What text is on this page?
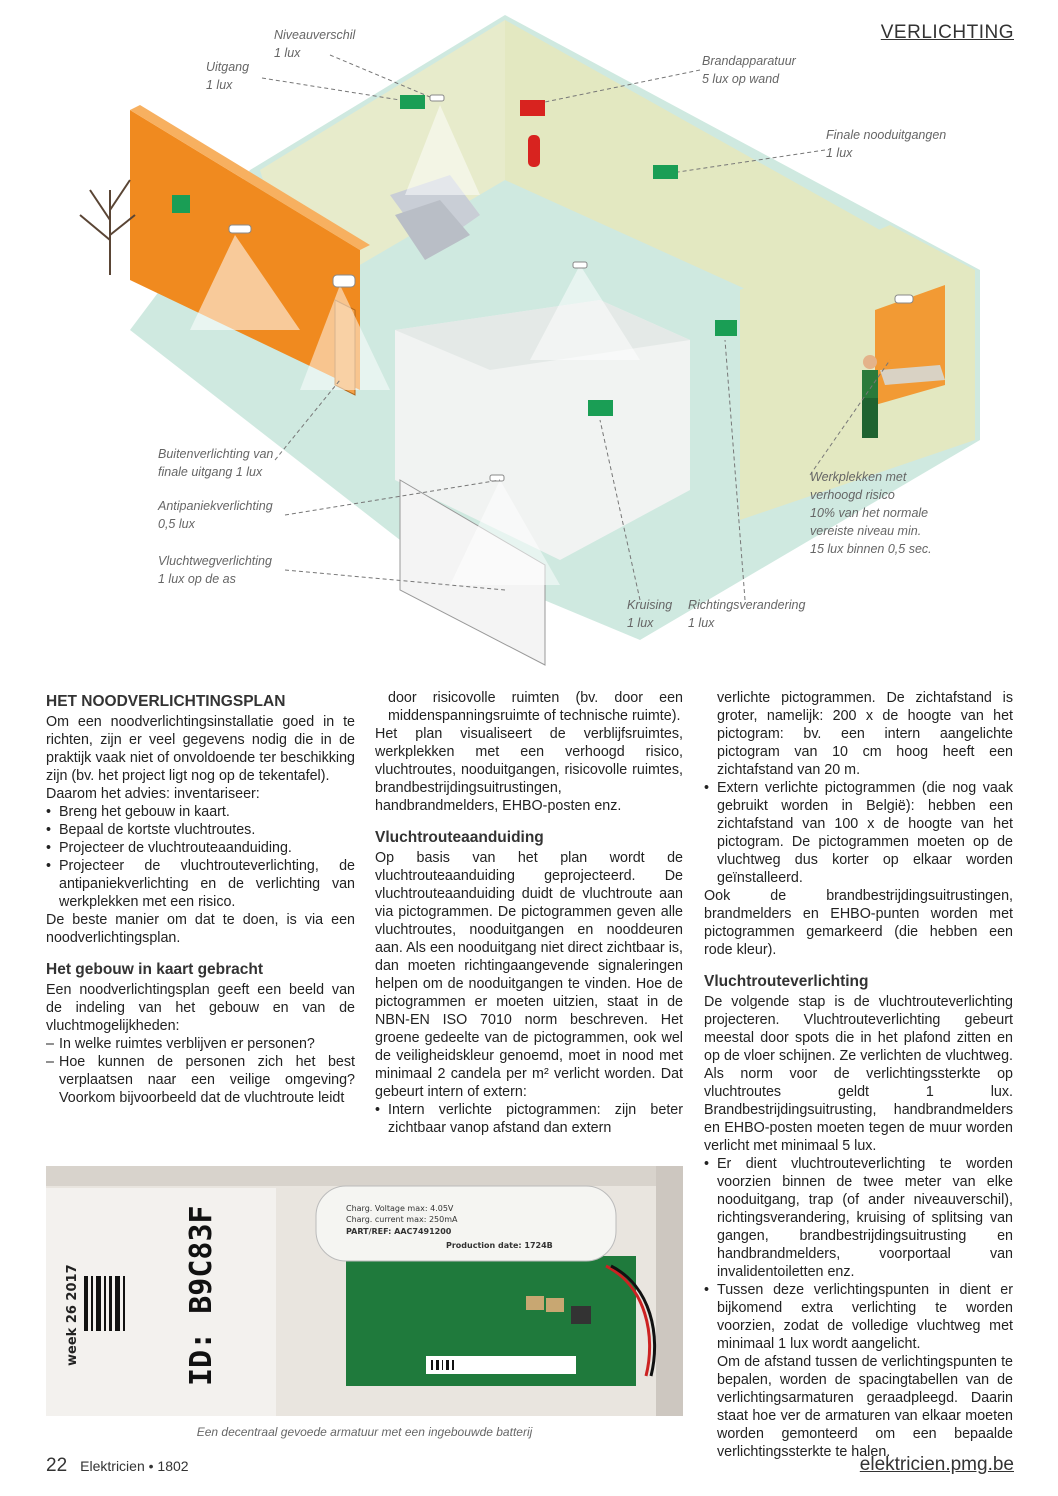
VERLICHTING
Niveauverschil
1 lux
Uitgang
1 lux
Brandapparatuur
5 lux op wand
Finale nooduitgangen
1 lux
Buitenverlichting van
finale uitgang 1 lux
Antipaniekverlichting
0,5 lux
Vluchtwegverlichting
1 lux op de as
Werkplekken met
verhoogd risico
10% van het normale
vereiste niveau min.
15 lux binnen 0,5 sec.
Kruising
1 lux
Richtingsverandering
1 lux
HET NOODVERLICHTINGSPLAN

Om een noodverlichtingsinstallatie goed in te richten, zijn er veel gegevens nodig die in de praktijk vaak niet of onvoldoende ter beschikking zijn (bv. het project ligt nog op de tekentafel).

Daarom het advies: inventariseer:

• Breng het gebouw in kaart.
• Bepaal de kortste vluchtroutes.
• Projecteer de vluchtrouteaanduiding.
• Projecteer de vluchtrouteverlichting, de antipaniekverlichting en de verlichting van werkplekken met een risico.

De beste manier om dat te doen, is via een noodverlichtingsplan.

Het gebouw in kaart gebracht

Een noodverlichtingsplan geeft een beeld van de indeling van het gebouw en van de vluchtmogelijkheden:

– In welke ruimtes verblijven er personen?
– Hoe kunnen de personen zich het best verplaatsen naar een veilige omgeving? Voorkom bijvoorbeeld dat de vluchtroute leidt

door risicovolle ruimten (bv. door een middenspanningsruimte of technische ruimte).

Het plan visualiseert de verblijfsruimtes, werkplekken met een verhoogd risico, vluchtroutes, nooduitgangen, risicovolle ruimtes, brandbestrijdingsuitrustingen, handbrandmelders, EHBO-posten enz.

Vluchtrouteaanduiding

Op basis van het plan wordt de vluchtrouteaanduiding geprojecteerd. De vluchtrouteaanduiding duidt de vluchtroute aan via pictogrammen. De pictogrammen geven alle vluchtroutes, nooduitgangen en nooddeuren aan. Als een nooduitgang niet direct zichtbaar is, dan moeten richtingaangevende signaleringen helpen om de nooduitgangen te vinden. Hoe de pictogrammen er moeten uitzien, staat in de NBN-EN ISO 7010 norm beschreven. Het groene gedeelte van de pictogrammen, ook wel de veiligheidskleur genoemd, moet in nood met minimaal 2 candela per m² verlicht worden. Dat gebeurt intern of extern:

• Intern verlichte pictogrammen: zijn beter zichtbaar vanop afstand dan extern

verlichte pictogrammen. De zichtafstand is groter, namelijk: 200 x de hoogte van het pictogram: bv. een intern aangelichte pictogram van 10 cm hoog heeft een zichtafstand van 20 m.

• Extern verlichte pictogrammen (die nog vaak gebruikt worden in België): hebben een zichtafstand van 100 x de hoogte van het pictogram. De pictogrammen moeten op de vluchtweg dus korter op elkaar worden geïnstalleerd.

Ook de brandbestrijdingsuitrustingen, brandmelders en EHBO-punten worden met pictogrammen gemarkeerd (die hebben een rode kleur).

Vluchtrouteverlichting

De volgende stap is de vluchtrouteverlichting projecteren. Vluchtrouteverlichting gebeurt meestal door spots die in het plafond zitten en op de vloer schijnen. Ze verlichten de vluchtweg. Als norm voor de verlichtingssterkte op vluchtroutes geldt 1 lux. Brandbestrijdingsuitrusting, handbrandmelders en EHBO-posten moeten tegen de muur worden verlicht met minimaal 5 lux.

• Er dient vluchtrouteverlichting te worden voorzien binnen de twee meter van elke nooduitgang, trap (of ander niveauverschil), richtingsverandering, kruising of splitsing van gangen, brandbestrijdingsuitrusting en handbrandmelders, voorportaal van invalidentoiletten enz.
• Tussen deze verlichtingspunten in dient er bijkomend extra verlichting te worden voorzien, zodat de volledige vluchtweg met minimaal 1 lux wordt aangelicht.

Om de afstand tussen de verlichtingspunten te bepalen, worden de spacingtabellen van de verlichtingsarmaturen geraadpleegd. Daarin staat hoe ver de armaturen van elkaar moeten worden gemonteerd om een bepaalde verlichtingssterkte te halen.

ID: B9C83F
week 26 2017
Charg. Voltage max: 4.05V
Charg. current max: 250mA
PART/REF: AAC7491200
Production date: 1724B
Een decentraal gevoede armatuur met een ingebouwde batterij
22 Elektricien • 1802	elektricien.pmg.be
